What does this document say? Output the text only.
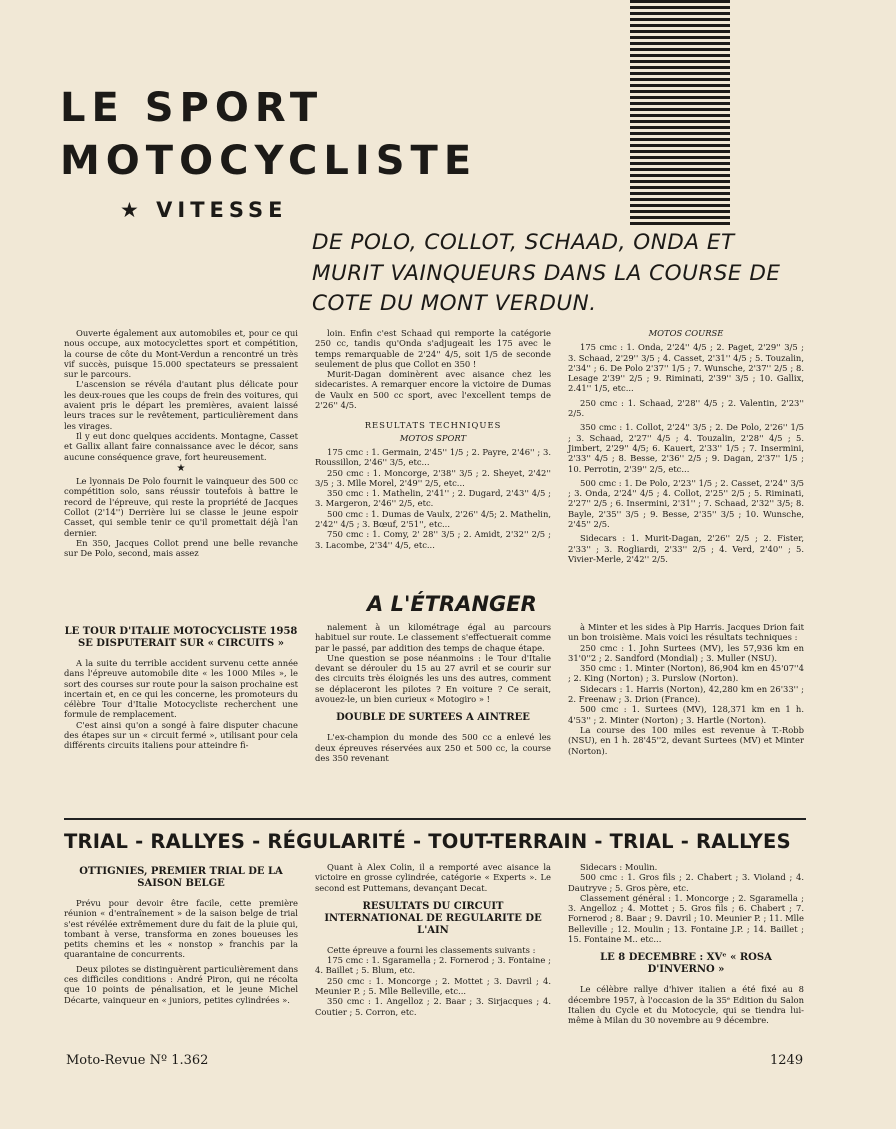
LE SPORT
MOTOCYCLISTE
★ VITESSE
DE POLO, COLLOT, SCHAAD, ONDA ET MURIT VAINQUEURS DANS LA COURSE DE COTE DU MONT VERDUN.

Ouverte également aux automobiles et, pour ce qui nous occupe, aux motocyclettes sport et compétition, la course de côte du Mont-Verdun a rencontré un très vif succès, puisque 15.000 spectateurs se pressaient sur le parcours.

L'ascension se révéla d'autant plus délicate pour les deux-roues que les coups de frein des voitures, qui avaient pris le départ les premières, avaient laissé leurs traces sur le revêtement, particulièrement dans les virages.

Il y eut donc quelques accidents. Montagne, Casset et Gallix allant faire connaissance avec le décor, sans aucune conséquence grave, fort heureusement.

★

Le lyonnais De Polo fournit le vainqueur des 500 cc compétition solo, sans réussir toutefois à battre le record de l'épreuve, qui reste la propriété de Jacques Collot (2'14'') Derrière lui se classe le jeune espoir Casset, qui semble tenir ce qu'il promettait déjà l'an dernier.

En 350, Jacques Collot prend une belle revanche sur De Polo, second, mais assez

loin. Enfin c'est Schaad qui remporte la catégorie 250 cc, tandis qu'Onda s'adjugeait les 175 avec le temps remarquable de 2'24'' 4/5, soit 1/5 de seconde seulement de plus que Collot en 350 !

Murit-Dagan dominèrent avec aisance chez les sidecaristes. A remarquer encore la victoire de Dumas de Vaulx en 500 cc sport, avec l'excellent temps de 2'26'' 4/5.

RESULTATS TECHNIQUES
MOTOS SPORT

175 cmc : 1. Germain, 2'45'' 1/5 ; 2. Payre, 2'46'' ; 3. Roussillon, 2'46'' 3/5, etc...

250 cmc : 1. Moncorge, 2'38'' 3/5 ; 2. Sheyet, 2'42'' 3/5 ; 3. Mlle Morel, 2'49'' 2/5, etc...

350 cmc : 1. Mathelin, 2'41'' ; 2. Dugard, 2'43'' 4/5 ; 3. Margeron, 2'46'' 2/5, etc.

500 cmc : 1. Dumas de Vaulx, 2'26'' 4/5; 2. Mathelin, 2'42'' 4/5 ; 3. Bœuf, 2'51'', etc...

750 cmc : 1. Comy, 2' 28'' 3/5 ; 2. Amidt, 2'32'' 2/5 ; 3. Lacombe, 2'34'' 4/5, etc...

MOTOS COURSE

175 cmc : 1. Onda, 2'24'' 4/5 ; 2. Paget, 2'29'' 3/5 ; 3. Schaad, 2'29'' 3/5 ; 4. Casset, 2'31'' 4/5 ; 5. Touzalin, 2'34'' ; 6. De Polo 2'37'' 1/5 ; 7. Wunsche, 2'37'' 2/5 ; 8. Lesage 2'39'' 2/5 ; 9. Riminati, 2'39'' 3/5 ; 10. Gallix, 2.41'' 1/5, etc...

250 cmc : 1. Schaad, 2'28'' 4/5 ; 2. Valentin, 2'23'' 2/5.

350 cmc : 1. Collot, 2'24'' 3/5 ; 2. De Polo, 2'26'' 1/5 ; 3. Schaad, 2'27'' 4/5 ; 4. Touzalin, 2'28'' 4/5 ; 5. Jimbert, 2'29'' 4/5; 6. Kauert, 2'33'' 1/5 ; 7. Insermini, 2'33'' 4/5 ; 8. Besse, 2'36'' 2/5 ; 9. Dagan, 2'37'' 1/5 ; 10. Perrotin, 2'39'' 2/5, etc...

500 cmc : 1. De Polo, 2'23'' 1/5 ; 2. Casset, 2'24'' 3/5 ; 3. Onda, 2'24'' 4/5 ; 4. Collot, 2'25'' 2/5 ; 5. Riminati, 2'27'' 2/5 ; 6. Insermini, 2'31'' ; 7. Schaad, 2'32'' 3/5; 8. Bayle, 2'35'' 3/5 ; 9. Besse, 2'35'' 3/5 ; 10. Wunsche, 2'45'' 2/5.

Sidecars : 1. Murit-Dagan, 2'26'' 2/5 ; 2. Fister, 2'33'' ; 3. Rogliardi, 2'33'' 2/5 ; 4. Verd, 2'40'' ; 5. Vivier-Merle, 2'42'' 2/5.

A L'ÉTRANGER
LE TOUR D'ITALIE MOTOCYCLISTE 1958 SE DISPUTERAIT SUR « CIRCUITS »

A la suite du terrible accident survenu cette année dans l'épreuve automobile dite « les 1000 Miles », le sort des courses sur route pour la saison prochaine est incertain et, en ce qui les concerne, les promoteurs du célèbre Tour d'Italie Motocycliste recherchent une formule de remplacement.

C'est ainsi qu'on a songé à faire disputer chacune des étapes sur un « circuit fermé », utilisant pour cela différents circuits italiens pour atteindre fi-

nalement à un kilométrage égal au parcours habituel sur route. Le classement s'effectuerait comme par le passé, par addition des temps de chaque étape.

Une question se pose néanmoins : le Tour d'Italie devant se dérouler du 15 au 27 avril et se courir sur des circuits très éloignés les uns des autres, comment se déplaceront les pilotes ? En voiture ? Ce serait, avouez-le, un bien curieux « Motogiro » !

DOUBLE DE SURTEES A AINTREE

L'ex-champion du monde des 500 cc a enlevé les deux épreuves réservées aux 250 et 500 cc, la course des 350 revenant

à Minter et les sides à Pip Harris. Jacques Drion fait un bon troisième. Mais voici les résultats techniques :

250 cmc : 1. John Surtees (MV), les 57,936 km en 31'0''2 ; 2. Sandford (Mondial) ; 3. Muller (NSU).

350 cmc : 1. Minter (Norton), 86,904 km en 45'07''4 ; 2. King (Norton) ; 3. Purslow (Norton).

Sidecars : 1. Harris (Norton), 42,280 km en 26'33'' ; 2. Freenaw ; 3. Drion (France).

500 cmc : 1. Surtees (MV), 128,371 km en 1 h. 4'53'' ; 2. Minter (Norton) ; 3. Hartle (Norton).

La course des 100 miles est revenue à T.-Robb (NSU), en 1 h. 28'45''2, devant Surtees (MV) et Minter (Norton).

TRIAL - RALLYES - RÉGULARITÉ - TOUT-TERRAIN - TRIAL - RALLYES
OTTIGNIES, PREMIER TRIAL DE LA SAISON BELGE

Prévu pour devoir être facile, cette première réunion « d'entraînement » de la saison belge de trial s'est révélée extrêmement dure du fait de la pluie qui, tombant à verse, transforma en zones boueuses les petits chemins et les « nonstop » franchis par la quarantaine de concurrents.

Deux pilotes se distinguèrent particulièrement dans ces difficiles conditions : André Piron, qui ne récolta que 10 points de pénalisation, et le jeune Michel Décarte, vainqueur en « juniors, petites cylindrées ».

Quant à Alex Colin, il a remporté avec aisance la victoire en grosse cylindrée, catégorie « Experts ». Le second est Puttemans, devançant Decat.

RESULTATS DU CIRCUIT INTERNATIONAL DE REGULARITE DE L'AIN

Cette épreuve a fourni les classements suivants :

175 cmc : 1. Sgaramella ; 2. Fornerod ; 3. Fontaine ; 4. Baillet ; 5. Blum, etc.

250 cmc : 1. Moncorge ; 2. Mottet ; 3. Davril ; 4. Meunier P. ; 5. Mlle Belleville, etc...

350 cmc : 1. Angelloz ; 2. Baar ; 3. Sirjacques ; 4. Coutier ; 5. Corron, etc.

Sidecars : Moulin.

500 cmc : 1. Gros fils ; 2. Chabert ; 3. Violand ; 4. Dautryve ; 5. Gros père, etc.

Classement général : 1. Moncorge ; 2. Sgaramella ; 3. Angelloz ; 4. Mottet ; 5. Gros fils ; 6. Chabert ; 7. Fornerod ; 8. Baar ; 9. Davril ; 10. Meunier P. ; 11. Mlle Belleville ; 12. Moulin ; 13. Fontaine J.P. ; 14. Baillet ; 15. Fontaine M.. etc...

LE 8 DECEMBRE : XVᵉ « ROSA D'INVERNO »

Le célèbre rallye d'hiver italien a été fixé au 8 décembre 1957, à l'occasion de la 35ᵉ Edition du Salon Italien du Cycle et du Motocycle, qui se tiendra lui-même à Milan du 30 novembre au 9 décembre.

Moto-Revue Nº 1.362	1249
